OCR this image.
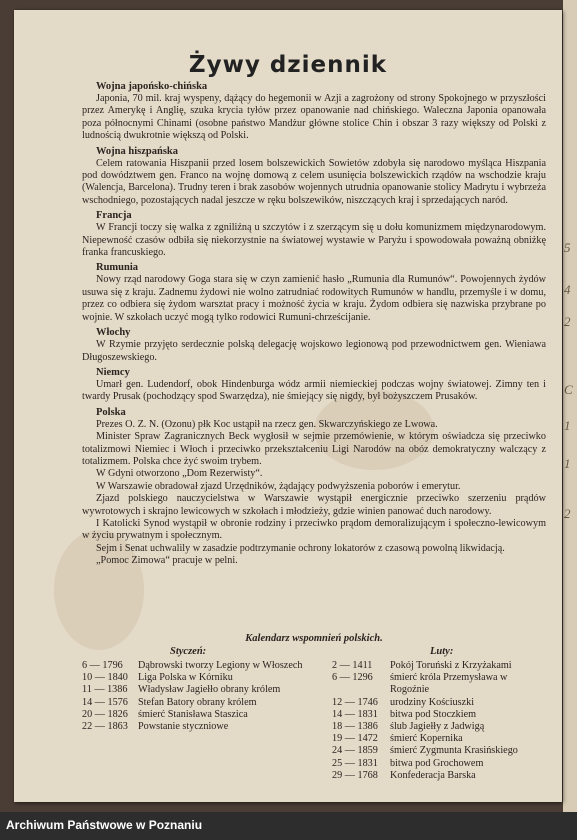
5
4
2
C
1
1
2
Żywy dziennik
Wojna japońsko-chińska

Japonia, 70 mil. kraj wyspeny, dążący do hegemonii w Azji a zagrożony od strony Spokojnego w przyszłości przez Amerykę i Anglię, szuka krycia tyłów przez opanowanie nad chińskiego. Waleczna Japonia opanowała poza północnymi Chinami (osobne państwo Mandżur główne stolice Chin i obszar 3 razy większy od Polski z ludnością dwukrotnie większą od Polski.

Wojna hiszpańska

Celem ratowania Hiszpanii przed losem bolszewickich Sowietów zdobyła się narodowo myśląca Hiszpania pod dowództwem gen. Franco na wojnę domową z celem usunięcia bolszewickich rządów na wschodzie kraju (Walencja, Barcelona). Trudny teren i brak zasobów wojennych utrudnia opanowanie stolicy Madrytu i wybrzeża wschodniego, pozostających nadal jeszcze w ręku bolszewików, niszczących kraj i sprzedających naród.

Francja

W Francji toczy się walka z zgniliźną u szczytów i z szerzącym się u dołu komunizmem międzynarodowym. Niepewność czasów odbiła się niekorzystnie na światowej wystawie w Paryżu i spowodowała poważną obniżkę franka francuskiego.

Rumunia

Nowy rząd narodowy Goga stara się w czyn zamienić hasło „Rumunia dla Rumunów“. Powojennych żydów usuwa się z kraju. Zadnemu żydowi nie wolno zatrudniać rodowitych Rumunów w handlu, przemyśle i w domu, przez co odbiera się żydom warsztat pracy i możność życia w kraju. Żydom odbiera się nazwiska przybrane po wojnie. W szkołach uczyć mogą tylko rodowici Rumuni-chrześcijanie.

Włochy

W Rzymie przyjęto serdecznie polską delegację wojskowo legionową pod przewodnictwem gen. Wieniawa Długoszewskiego.

Niemcy

Umarł gen. Ludendorf, obok Hindenburga wódz armii niemieckiej podczas wojny światowej. Zimny ten i twardy Prusak (pochodzący spod Swarzędza), nie śmiejący się nigdy, był bożyszczem Prusaków.

Polska

Prezes O. Z. N. (Ozonu) płk Koc ustąpił na rzecz gen. Skwarczyńskiego ze Lwowa.

Minister Spraw Zagranicznych Beck wygłosił w sejmie przemówienie, w którym oświadcza się przeciwko totalizmowi Niemiec i Włoch i przeciwko przekształceniu Ligi Narodów na obóz demokratyczny walczący z totalizmem. Polska chce żyć swoim trybem.

W Gdyni otworzono „Dom Rezerwisty“.

W Warszawie obradował zjazd Urzędników, żądający podwyższenia poborów i emerytur.

Zjazd polskiego nauczycielstwa w Warszawie wystąpił energicznie przeciwko szerzeniu prądów wywrotowych i skrajno lewicowych w szkołach i młodzieży, gdzie winien panować duch narodowy.

I Katolicki Synod wystąpił w obronie rodziny i przeciwko prądom demoralizującym i społeczno-lewicowym w życiu prywatnym i społecznym.

Sejm i Senat uchwalily w zasadzie podtrzymanie ochrony lokatorów z czasową powolną likwidacją.

„Pomoc Zimowa“ pracuje w pelni.

Kalendarz wspomnień polskich.
Styczeń:	Luty:
6 — 1796	Dąbrowski tworzy Legiony w Włoszech
10 — 1840 Liga Polska w Kórniku
11 — 1386	Władysław Jagiełło obrany królem
14 — 1576 Stefan Batory obrany królem
20 — 1826 śmierć Stanisława Staszica
22 — 1863 Powstanie styczniowe
2 — 1411	Pokój Toruński z Krzyżakami
6 — 1296	śmierć króla Przemysława w Rogoźnie
12 — 1746	urodziny Kościuszki
14 — 1831	bitwa pod Stoczkiem
18 — 1386	ślub Jagiełły z Jadwigą
19 — 1472	śmierć Kopernika
24 — 1859	śmierć Zygmunta Krasińskiego
25 — 1831	bitwa pod Grochowem
29 — 1768	Konfederacja Barska
Archiwum Państwowe w Poznaniu
